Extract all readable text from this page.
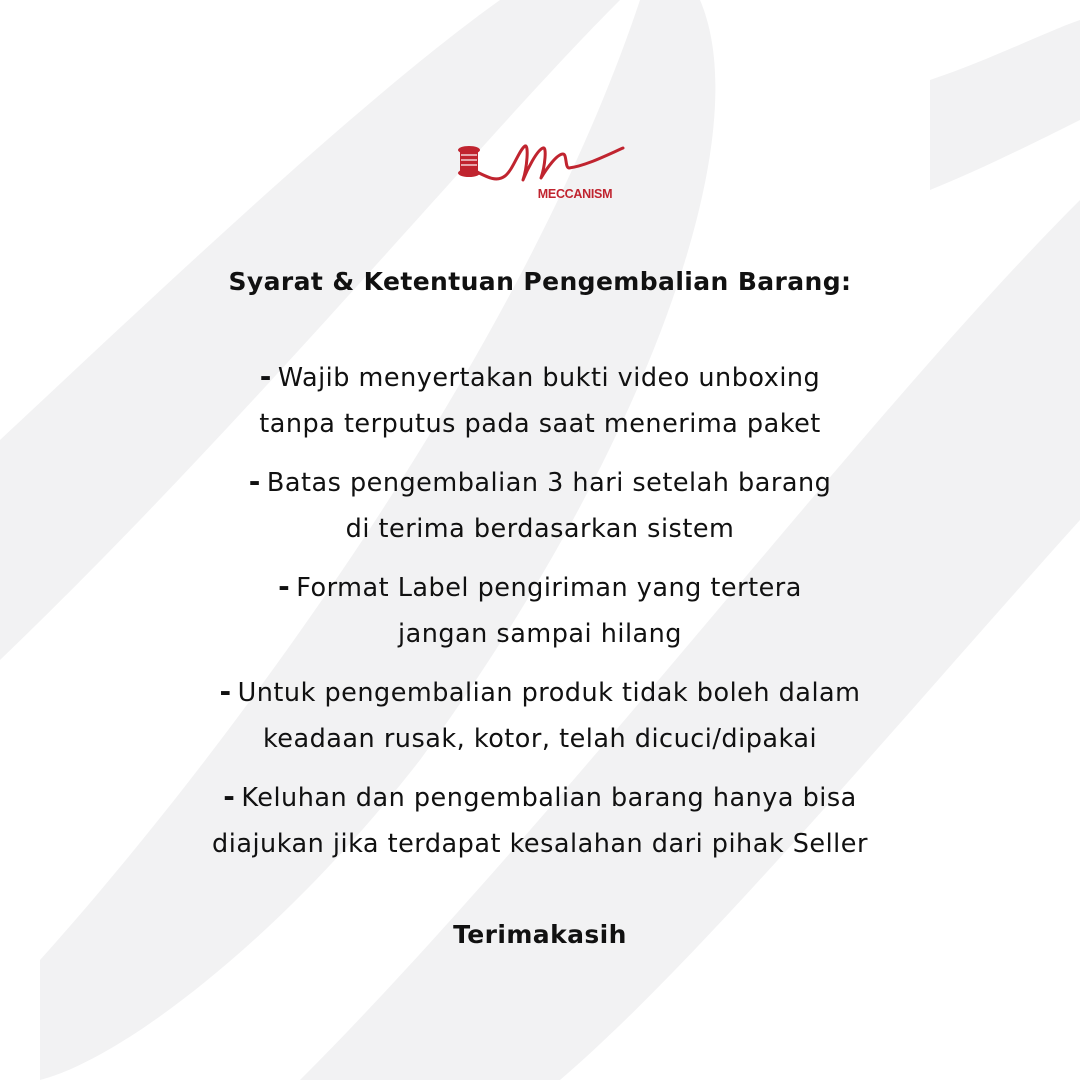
MECCANISM
Syarat & Ketentuan Pengembalian Barang:
- Wajib menyertakan bukti video unboxing
tanpa terputus pada saat menerima paket
- Batas pengembalian 3 hari setelah barang
di terima berdasarkan sistem
- Format Label pengiriman yang tertera
jangan sampai hilang
- Untuk pengembalian produk tidak boleh dalam
keadaan rusak, kotor, telah dicuci/dipakai
- Keluhan dan pengembalian barang hanya bisa
diajukan jika terdapat kesalahan dari pihak Seller

Terimakasih
